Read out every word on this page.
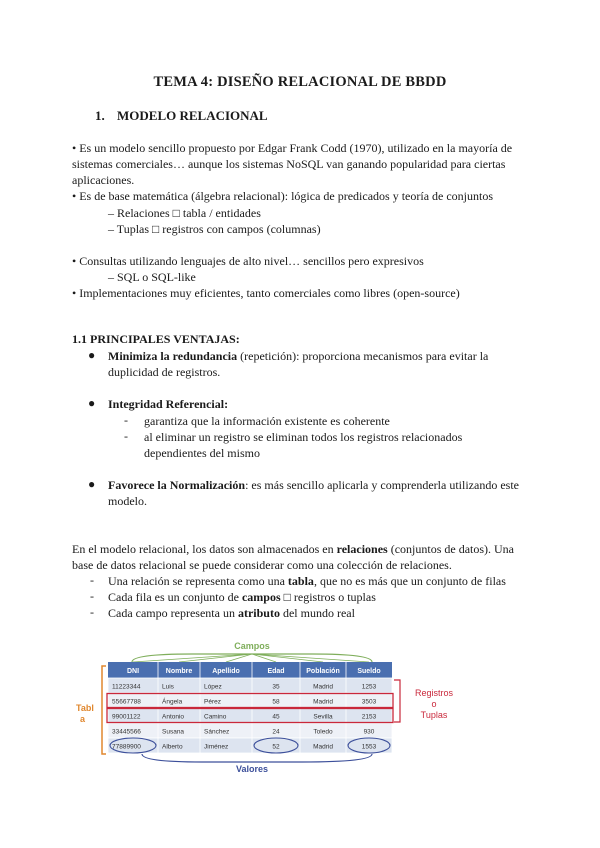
TEMA 4: DISEÑO RELACIONAL DE BBDD
1. MODELO RELACIONAL
• Es un modelo sencillo propuesto por Edgar Frank Codd (1970), utilizado en la mayoría de
sistemas comerciales… aunque los sistemas NoSQL van ganando popularidad para ciertas
aplicaciones.
• Es de base matemática (álgebra relacional): lógica de predicados y teoría de conjuntos
– Relaciones □ tabla / entidades
– Tuplas □ registros con campos (columnas)
• Consultas utilizando lenguajes de alto nivel… sencillos pero expresivos
– SQL o SQL-like
• Implementaciones muy eficientes, tanto comerciales como libres (open-source)
1.1 PRINCIPALES VENTAJAS:
● Minimiza la redundancia (repetición): proporciona mecanismos para evitar la
duplicidad de registros.
● Integridad Referencial:
- garantiza que la información existente es coherente
- al eliminar un registro se eliminan todos los registros relacionados
dependientes del mismo
● Favorece la Normalización: es más sencillo aplicarla y comprenderla utilizando este
modelo.
En el modelo relacional, los datos son almacenados en relaciones (conjuntos de datos). Una
base de datos relacional se puede considerar como una colección de relaciones.
- Una relación se representa como una tabla, que no es más que un conjunto de filas
- Cada fila es un conjunto de campos □ registros o tuplas
- Cada campo representa un atributo del mundo real
Campos
DNI	Nombre	Apellido	Edad	Población	Sueldo
11223344	Luis	López	35	Madrid	1253
55667788	Ángela	Pérez	58	Madrid	3503
99001122	Antonio	Camino	45	Sevilla	2153
33445566	Susana	Sánchez	24	Toledo	930
77889900	Alberto	Jiménez	52	Madrid	1553
Tabl
a
Registros
o
Tuplas
Valores
